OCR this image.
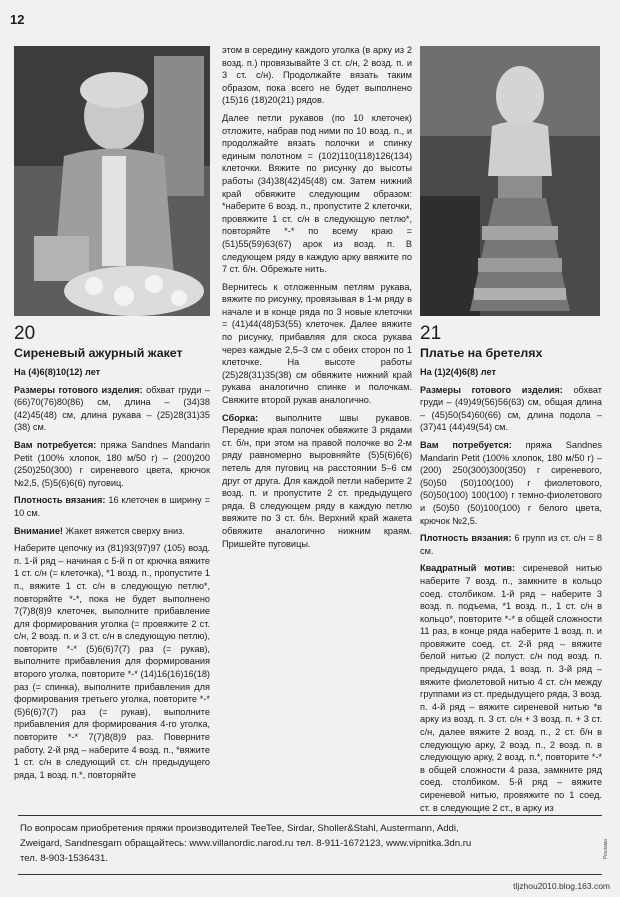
12
20
Сиреневый ажурный жакет

На (4)6(8)10(12) лет

Размеры готового изделия: обхват груди – (66)70(76)80(86) см, длина – (34)38 (42)45(48) см, длина рукава – (25)28(31)35 (38) см.

Вам потребуется: пряжа Sandnes Mandarin Petit (100% хлопок, 180 м/50 г) – (200)200 (250)250(300) г сиреневого цвета, крючок №2,5, (5)5(6)6(6) пуговиц.

Плотность вязания: 16 клеточек в ширину = 10 см.

Внимание! Жакет вяжется сверху вниз.

Наберите цепочку из (81)93(97)97 (105) возд. п. 1-й ряд – начиная с 5-й п от крючка вяжите 1 ст. с/н (= клеточка), *1 возд. п., пропустите 1 п., вяжите 1 ст. с/н в следующую петлю*, повторяйте *-*, пока не будет выполнено 7(7)8(8)9 клеточек, выполните прибавление для формирования уголка (= провяжите 2 ст. с/н, 2 возд. п. и 3 ст. с/н в следующую петлю), повторите *-* (5)6(6)7(7) раз (= рукав), выполните прибавления для формирования второго уголка, повторите *-* (14)16(16)16(18) раз (= спинка), выполните прибавления для формирования третьего уголка, повторите *-* (5)6(6)7(7) раз (= рукав), выполните прибавления для формирования 4-го уголка, повторите *-* 7(7)8(8)9 раз. Поверните работу. 2-й ряд – наберите 4 возд. п., *вяжите 1 ст. с/н в следующий ст. с/н предыдущего ряда, 1 возд. п.*, повторяйте

этом в середину каждого уголка (в арку из 2 возд. п.) провязывайте 3 ст. с/н, 2 возд. п. и 3 ст. с/н). Продолжайте вязать таким образом, пока всего не будет выполнено (15)16 (18)20(21) рядов.

Далее петли рукавов (по 10 клеточек) отложите, набрав под ними по 10 возд. п., и продолжайте вязать полочки и спинку единым полотном = (102)110(118)126(134) клеточки. Вяжите по рисунку до высоты работы (34)38(42)45(48) см. Затем нижний край обвяжите следующим образом: *наберите 6 возд. п., пропустите 2 клеточки, провяжите 1 ст. с/н в следующую петлю*, повторяйте *-* по всему краю = (51)55(59)63(67) арок из возд. п. В следующем ряду в каждую арку ввяжите по 7 ст. б/н. Обрежьте нить.

Вернитесь к отложенным петлям рукава, вяжите по рисунку, провязывая в 1-м ряду в начале и в конце ряда по 3 новые клеточки = (41)44(48)53(55) клеточек. Далее вяжите по рисунку, прибавляя для скоса рукава через каждые 2,5–3 см с обеих сторон по 1 клеточке. На высоте работы (25)28(31)35(38) см обвяжите нижний край рукава аналогично спинке и полочкам. Свяжите второй рукав аналогично.

Сборка: выполните швы рукавов. Передние края полочек обвяжите 3 рядами ст. б/н, при этом на правой полочке во 2-м ряду равномерно выровняйте (5)5(6)6(6) петель для пуговиц на расстоянии 5–6 см друг от друга. Для каждой петли наберите 2 возд. п. и пропустите 2 ст. предыдущего ряда. В следующем ряду в каждую петлю ввяжите по 3 ст. б/н. Верхний край жакета обвяжите аналогично нижним краям. Пришейте пуговицы.

21
Платье на бретелях

На (1)2(4)6(8) лет

Размеры готового изделия: обхват груди – (49)49(56)56(63) см, общая длина – (45)50(54)60(66) см, длина подола – (37)41 (44)49(54) см.

Вам потребуется: пряжа Sandnes Mandarin Petit (100% хлопок, 180 м/50 г) – (200) 250(300)300(350) г сиреневого, (50)50 (50)100(100) г фиолетового, (50)50(100) 100(100) г темно-фиолетового и (50)50 (50)100(100) г белого цвета, крючок №2,5.

Плотность вязания: 6 групп из ст. с/н = 8 см.

Квадратный мотив: сиреневой нитью наберите 7 возд. п., замкните в кольцо соед. столбиком. 1-й ряд – наберите 3 возд. п. подъема, *1 возд. п., 1 ст. с/н в кольцо*, повторите *-* в общей сложности 11 раз, в конце ряда наберите 1 возд. п. и провяжите соед. ст. 2-й ряд – вяжите белой нитью (2 полуст. с/н под возд. п. предыдущего ряда, 1 возд. п. 3-й ряд – вяжите фиолетовой нитью 4 ст. с/н между группами из ст. предыдущего ряда, 3 возд. п. 4-й ряд – вяжите сиреневой нитью *в арку из возд. п. 3 ст. с/н + 3 возд. п. + 3 ст. с/н, далее вяжите 2 возд. п., 2 ст. б/н в следующую арку, 2 возд. п., 2 возд. п. в следующую арку, 2 возд. п.*, повторите *-* в общей сложности 4 раза, замкните ряд соед. столбиком. 5-й ряд – вяжите сиреневой нитью, провяжите по 1 соед. ст. в следующие 2 ст., в арку из

По вопросам приобретения пряжи производителей TeeTee, Sirdar, Sholler&Stahl, Austermann, Addi,
Zweigard, Sandnesgarn обращайтесь: www.villanordic.narod.ru тел. 8-911-1672123, www.vipnitka.3dn.ru
тел. 8-903-1536431.	Реклама
tljzhou2010.blog.163.com
